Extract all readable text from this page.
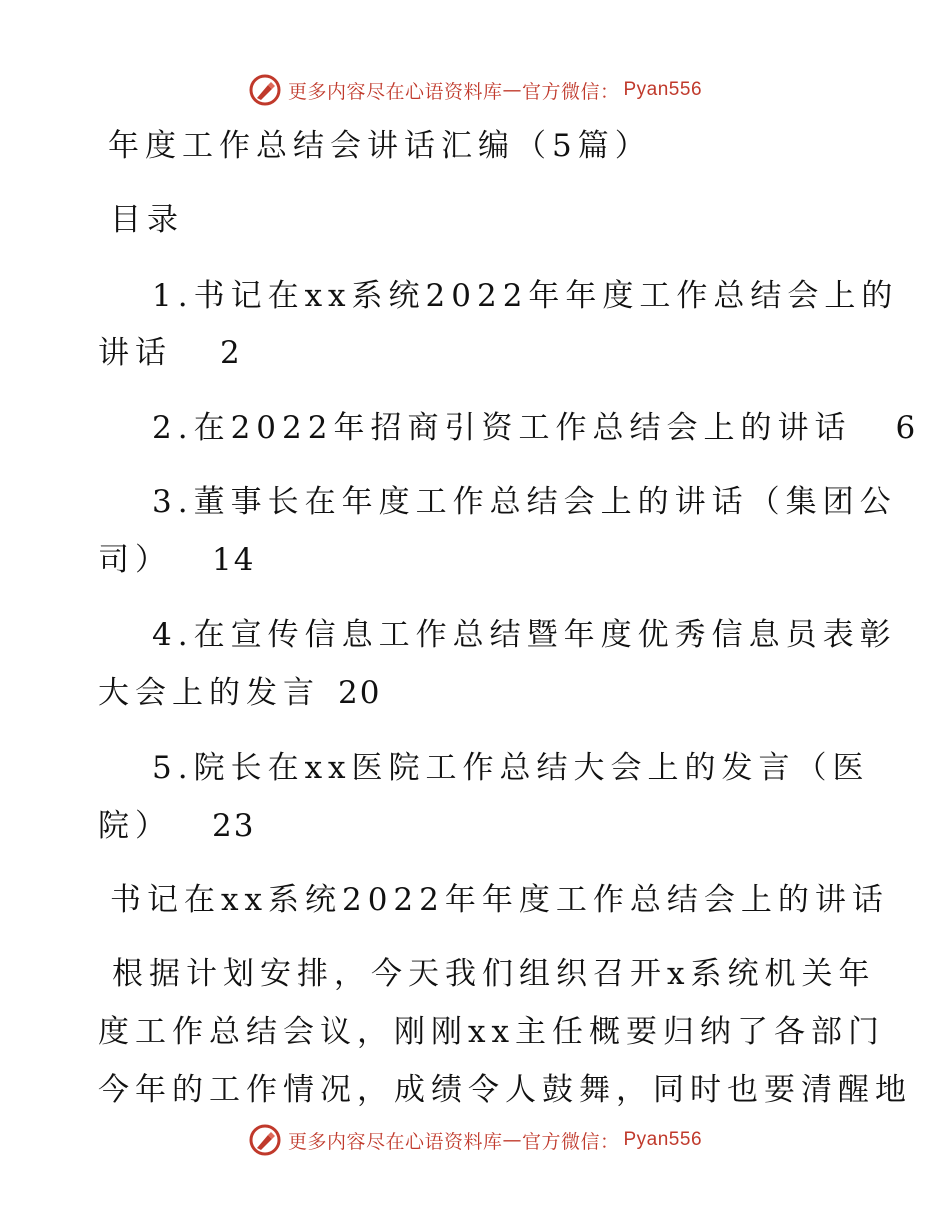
更多内容尽在心语资料库 — 官方微信： Pyan556
年度工作总结会讲话汇编（5篇）
目录
1.书记在xx系统2022年年度工作总结会上的
讲话 2
2.在2022年招商引资工作总结会上的讲话 6
3.董事长在年度工作总结会上的讲话（集团公
司） 14
4.在宣传信息工作总结暨年度优秀信息员表彰
大会上的发言 20
5.院长在xx医院工作总结大会上的发言（医
院） 23
书记在xx系统2022年年度工作总结会上的讲话
根据计划安排，今天我们组织召开x系统机关年
度工作总结会议，刚刚xx主任概要归纳了各部门
今年的工作情况，成绩令人鼓舞，同时也要清醒地
更多内容尽在心语资料库 — 官方微信： Pyan556
